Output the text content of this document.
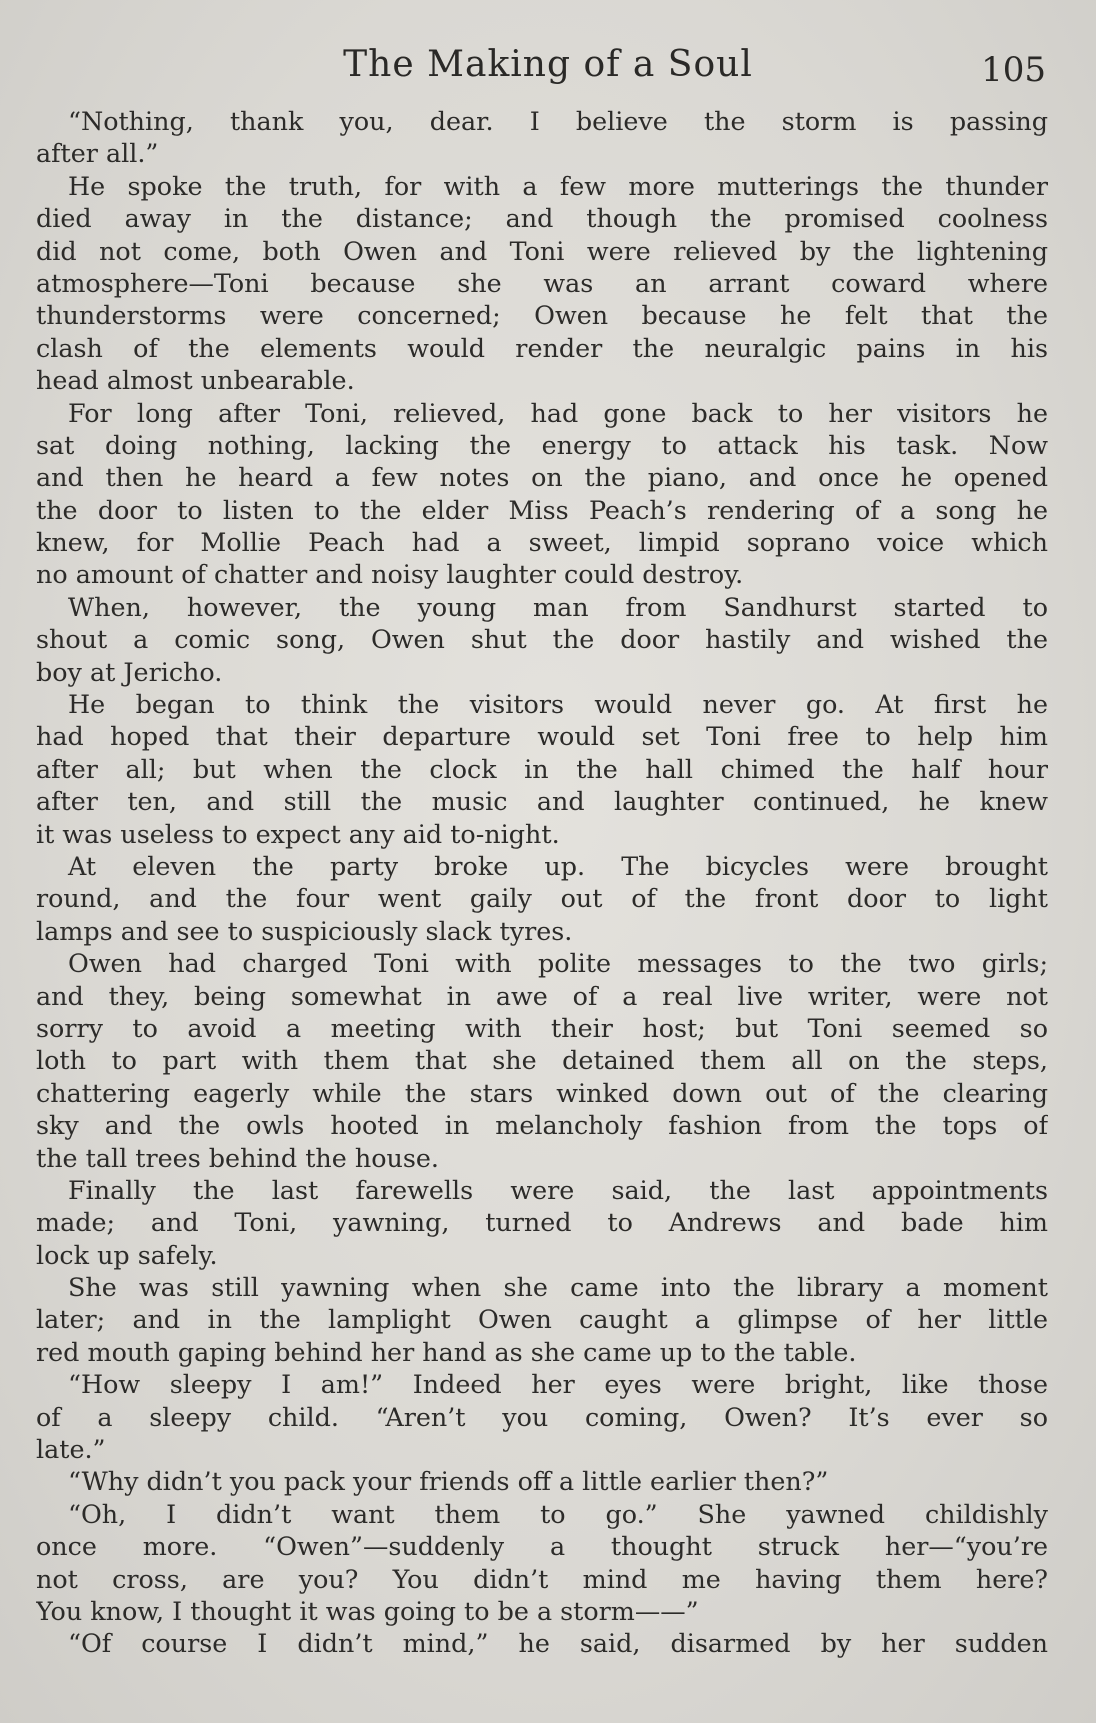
The Making of a Soul	105
“Nothing, thank you, dear. I believe the storm is passing
after all.”
He spoke the truth, for with a few more mutterings the thunder
died away in the distance; and though the promised coolness
did not come, both Owen and Toni were relieved by the lightening
atmosphere—Toni because she was an arrant coward where
thunderstorms were concerned; Owen because he felt that the
clash of the elements would render the neuralgic pains in his
head almost unbearable.
For long after Toni, relieved, had gone back to her visitors he
sat doing nothing, lacking the energy to attack his task. Now
and then he heard a few notes on the piano, and once he opened
the door to listen to the elder Miss Peach’s rendering of a song he
knew, for Mollie Peach had a sweet, limpid soprano voice which
no amount of chatter and noisy laughter could destroy.
When, however, the young man from Sandhurst started to
shout a comic song, Owen shut the door hastily and wished the
boy at Jericho.
He began to think the visitors would never go. At first he
had hoped that their departure would set Toni free to help him
after all; but when the clock in the hall chimed the half hour
after ten, and still the music and laughter continued, he knew
it was useless to expect any aid to-night.
At eleven the party broke up. The bicycles were brought
round, and the four went gaily out of the front door to light
lamps and see to suspiciously slack tyres.
Owen had charged Toni with polite messages to the two girls;
and they, being somewhat in awe of a real live writer, were not
sorry to avoid a meeting with their host; but Toni seemed so
loth to part with them that she detained them all on the steps,
chattering eagerly while the stars winked down out of the clearing
sky and the owls hooted in melancholy fashion from the tops of
the tall trees behind the house.
Finally the last farewells were said, the last appointments
made; and Toni, yawning, turned to Andrews and bade him
lock up safely.
She was still yawning when she came into the library a moment
later; and in the lamplight Owen caught a glimpse of her little
red mouth gaping behind her hand as she came up to the table.
“How sleepy I am!” Indeed her eyes were bright, like those
of a sleepy child. “Aren’t you coming, Owen? It’s ever so
late.”
“Why didn’t you pack your friends off a little earlier then?”
“Oh, I didn’t want them to go.” She yawned childishly
once more. “Owen”—suddenly a thought struck her—“you’re
not cross, are you? You didn’t mind me having them here?
You know, I thought it was going to be a storm——”
“Of course I didn’t mind,” he said, disarmed by her sudden
